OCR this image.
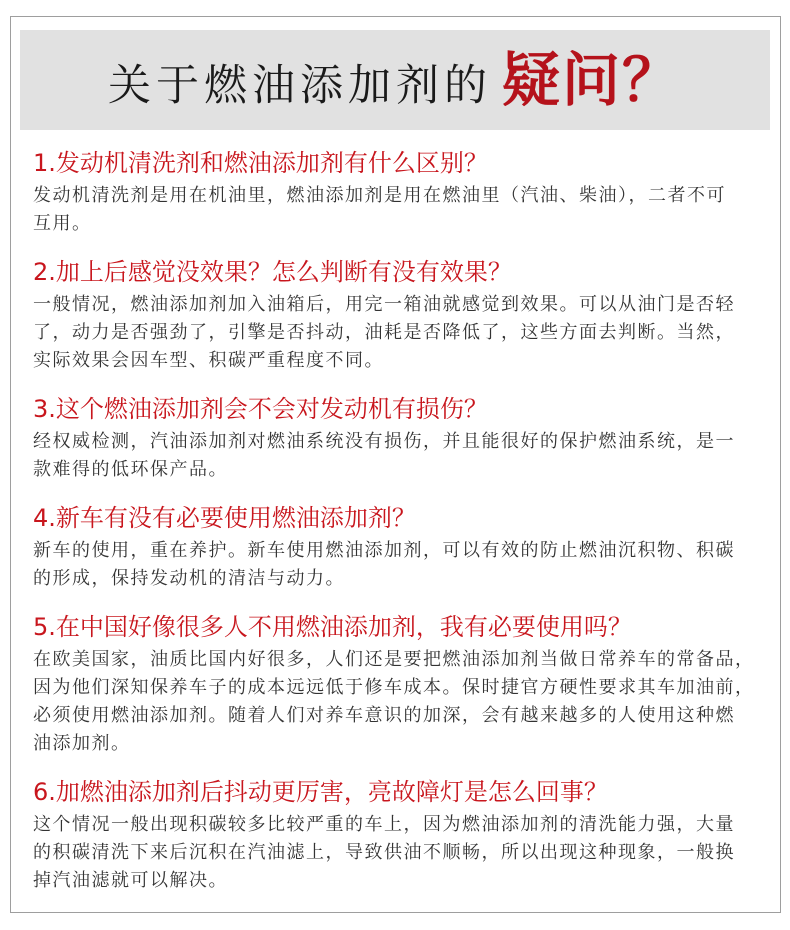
关于燃油添加剂的 疑问？
1.发动机清洗剂和燃油添加剂有什么区别？

发动机清洗剂是用在机油里，燃油添加剂是用在燃油里（汽油、柴油），二者不可

互用。

2.加上后感觉没效果？怎么判断有没有效果？

一般情况，燃油添加剂加入油箱后，用完一箱油就感觉到效果。可以从油门是否轻

了，动力是否强劲了，引擎是否抖动，油耗是否降低了，这些方面去判断。当然，

实际效果会因车型、积碳严重程度不同。

3.这个燃油添加剂会不会对发动机有损伤？

经权威检测，汽油添加剂对燃油系统没有损伤，并且能很好的保护燃油系统，是一

款难得的低环保产品。

4.新车有没有必要使用燃油添加剂？

新车的使用，重在养护。新车使用燃油添加剂，可以有效的防止燃油沉积物、积碳

的形成，保持发动机的清洁与动力。

5.在中国好像很多人不用燃油添加剂，我有必要使用吗？

在欧美国家，油质比国内好很多，人们还是要把燃油添加剂当做日常养车的常备品，

因为他们深知保养车子的成本远远低于修车成本。保时捷官方硬性要求其车加油前，

必须使用燃油添加剂。随着人们对养车意识的加深，会有越来越多的人使用这种燃

油添加剂。

6.加燃油添加剂后抖动更厉害，亮故障灯是怎么回事？

这个情况一般出现积碳较多比较严重的车上，因为燃油添加剂的清洗能力强，大量

的积碳清洗下来后沉积在汽油滤上，导致供油不顺畅，所以出现这种现象，一般换

掉汽油滤就可以解决。
